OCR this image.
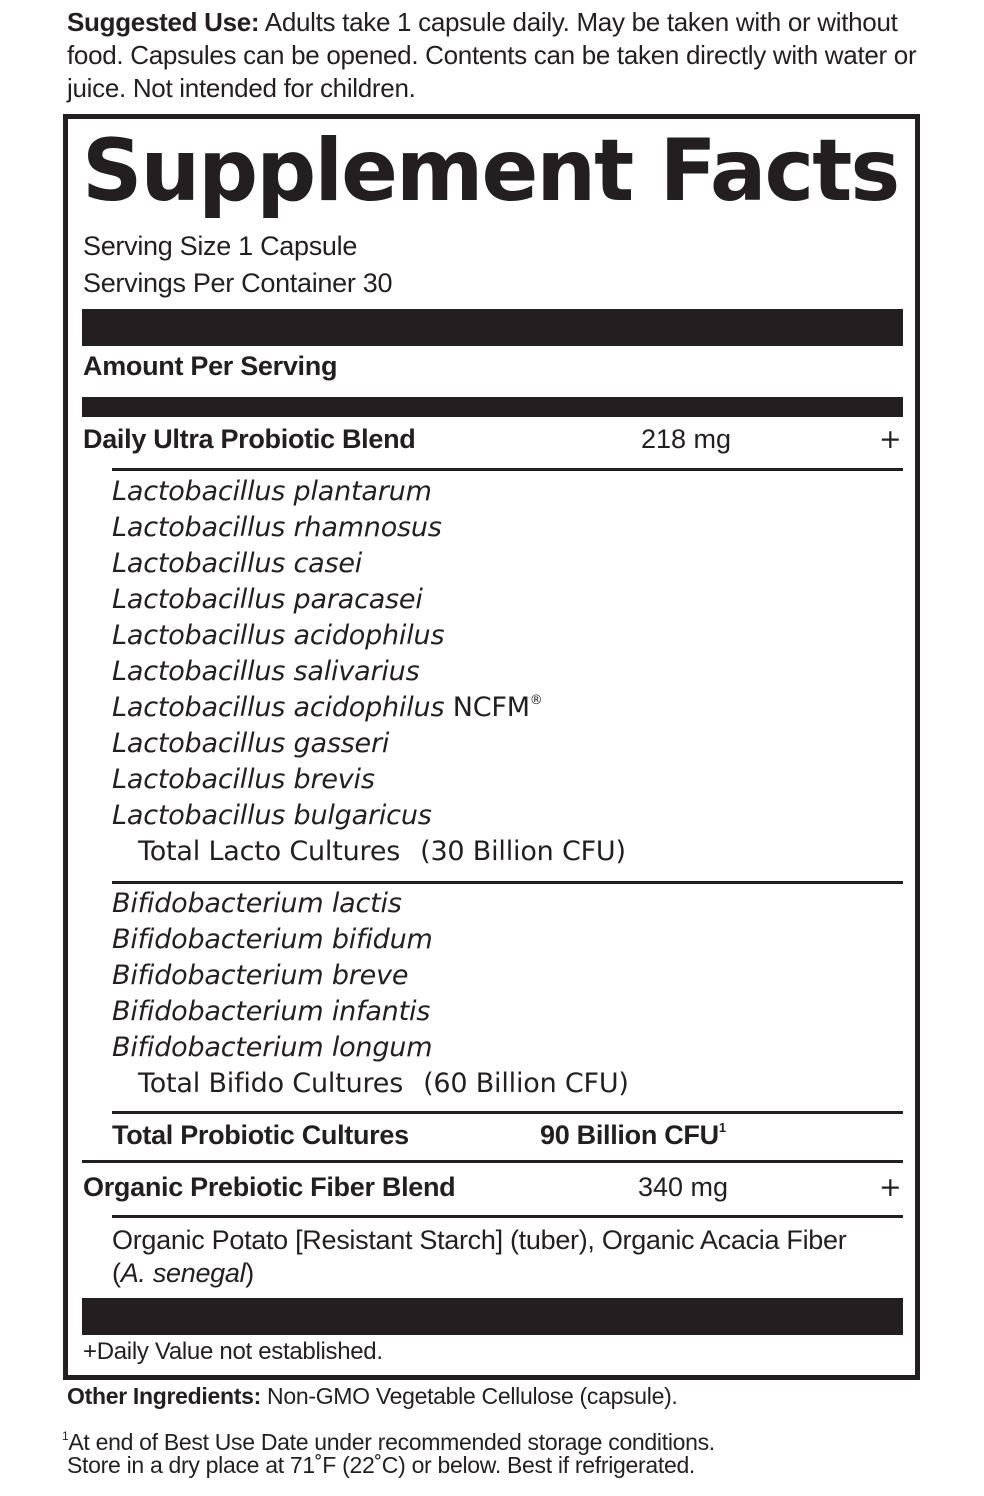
Suggested Use: Adults take 1 capsule daily. May be taken with or without food. Capsules can be opened. Contents can be taken directly with water or juice. Not intended for children.
Supplement Facts
Serving Size 1 Capsule
Servings Per Container 30
Amount Per Serving
Daily Ultra Probiotic Blend	218 mg	+
Lactobacillus plantarum
Lactobacillus rhamnosus
Lactobacillus casei
Lactobacillus paracasei
Lactobacillus acidophilus
Lactobacillus salivarius
Lactobacillus acidophilus NCFM®
Lactobacillus gasseri
Lactobacillus brevis
Lactobacillus bulgaricus
Total Lacto Cultures (30 Billion CFU)
Bifidobacterium lactis
Bifidobacterium bifidum
Bifidobacterium breve
Bifidobacterium infantis
Bifidobacterium longum
Total Bifido Cultures (60 Billion CFU)
Total Probiotic Cultures	90 Billion CFU$^1$
Organic Prebiotic Fiber Blend	340 mg	+
Organic Potato [Resistant Starch] (tuber), Organic Acacia Fiber
(A. senegal)
+Daily Value not established.
Other Ingredients: Non-GMO Vegetable Cellulose (capsule).
$^1$At end of Best Use Date under recommended storage conditions.
Store in a dry place at 71˚F (22˚C) or below. Best if refrigerated.
